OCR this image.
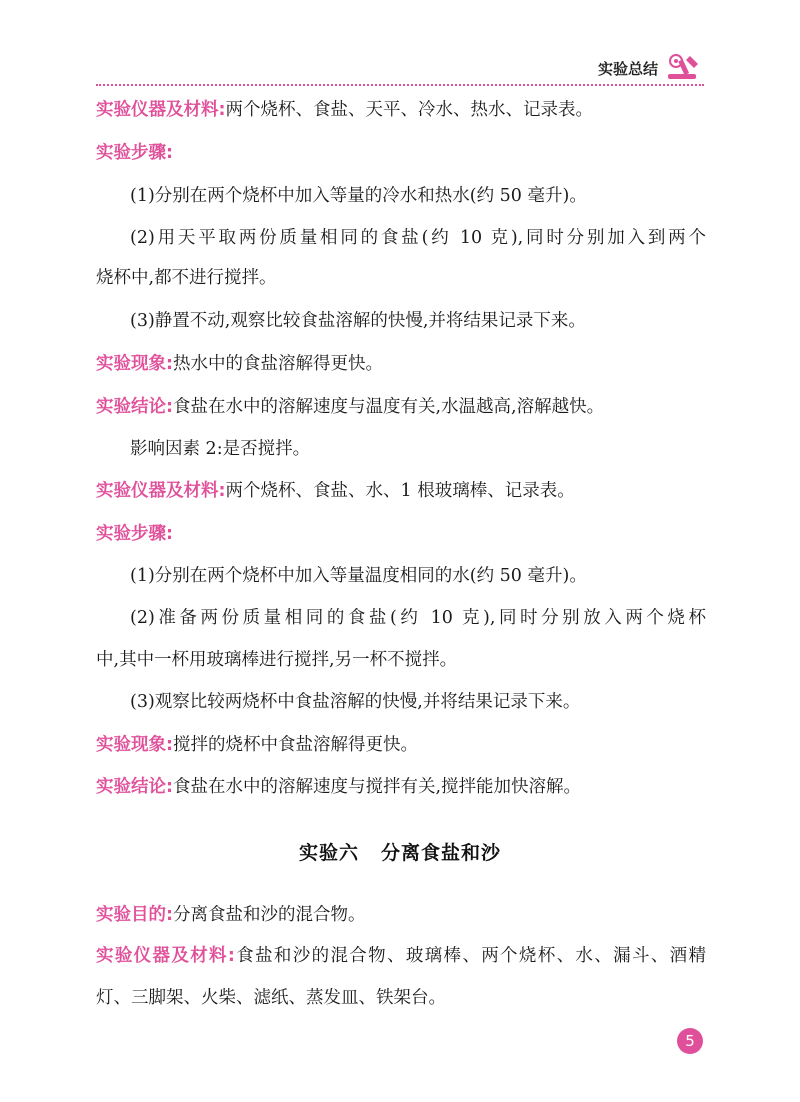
实验总结
实验仪器及材料:两个烧杯、食盐、天平、冷水、热水、记录表。
实验步骤:
(1)分别在两个烧杯中加入等量的冷水和热水(约 50 毫升)。
(2)用天平取两份质量相同的食盐(约 10 克),同时分别加入到两个
烧杯中,都不进行搅拌。
(3)静置不动,观察比较食盐溶解的快慢,并将结果记录下来。
实验现象:热水中的食盐溶解得更快。
实验结论:食盐在水中的溶解速度与温度有关,水温越高,溶解越快。
影响因素 2:是否搅拌。
实验仪器及材料:两个烧杯、食盐、水、1 根玻璃棒、记录表。
实验步骤:
(1)分别在两个烧杯中加入等量温度相同的水(约 50 毫升)。
(2)准备两份质量相同的食盐(约 10 克),同时分别放入两个烧杯
中,其中一杯用玻璃棒进行搅拌,另一杯不搅拌。
(3)观察比较两烧杯中食盐溶解的快慢,并将结果记录下来。
实验现象:搅拌的烧杯中食盐溶解得更快。
实验结论:食盐在水中的溶解速度与搅拌有关,搅拌能加快溶解。
实验六 分离食盐和沙
实验目的:分离食盐和沙的混合物。
实验仪器及材料:食盐和沙的混合物、玻璃棒、两个烧杯、水、漏斗、酒精
灯、三脚架、火柴、滤纸、蒸发皿、铁架台。
5
